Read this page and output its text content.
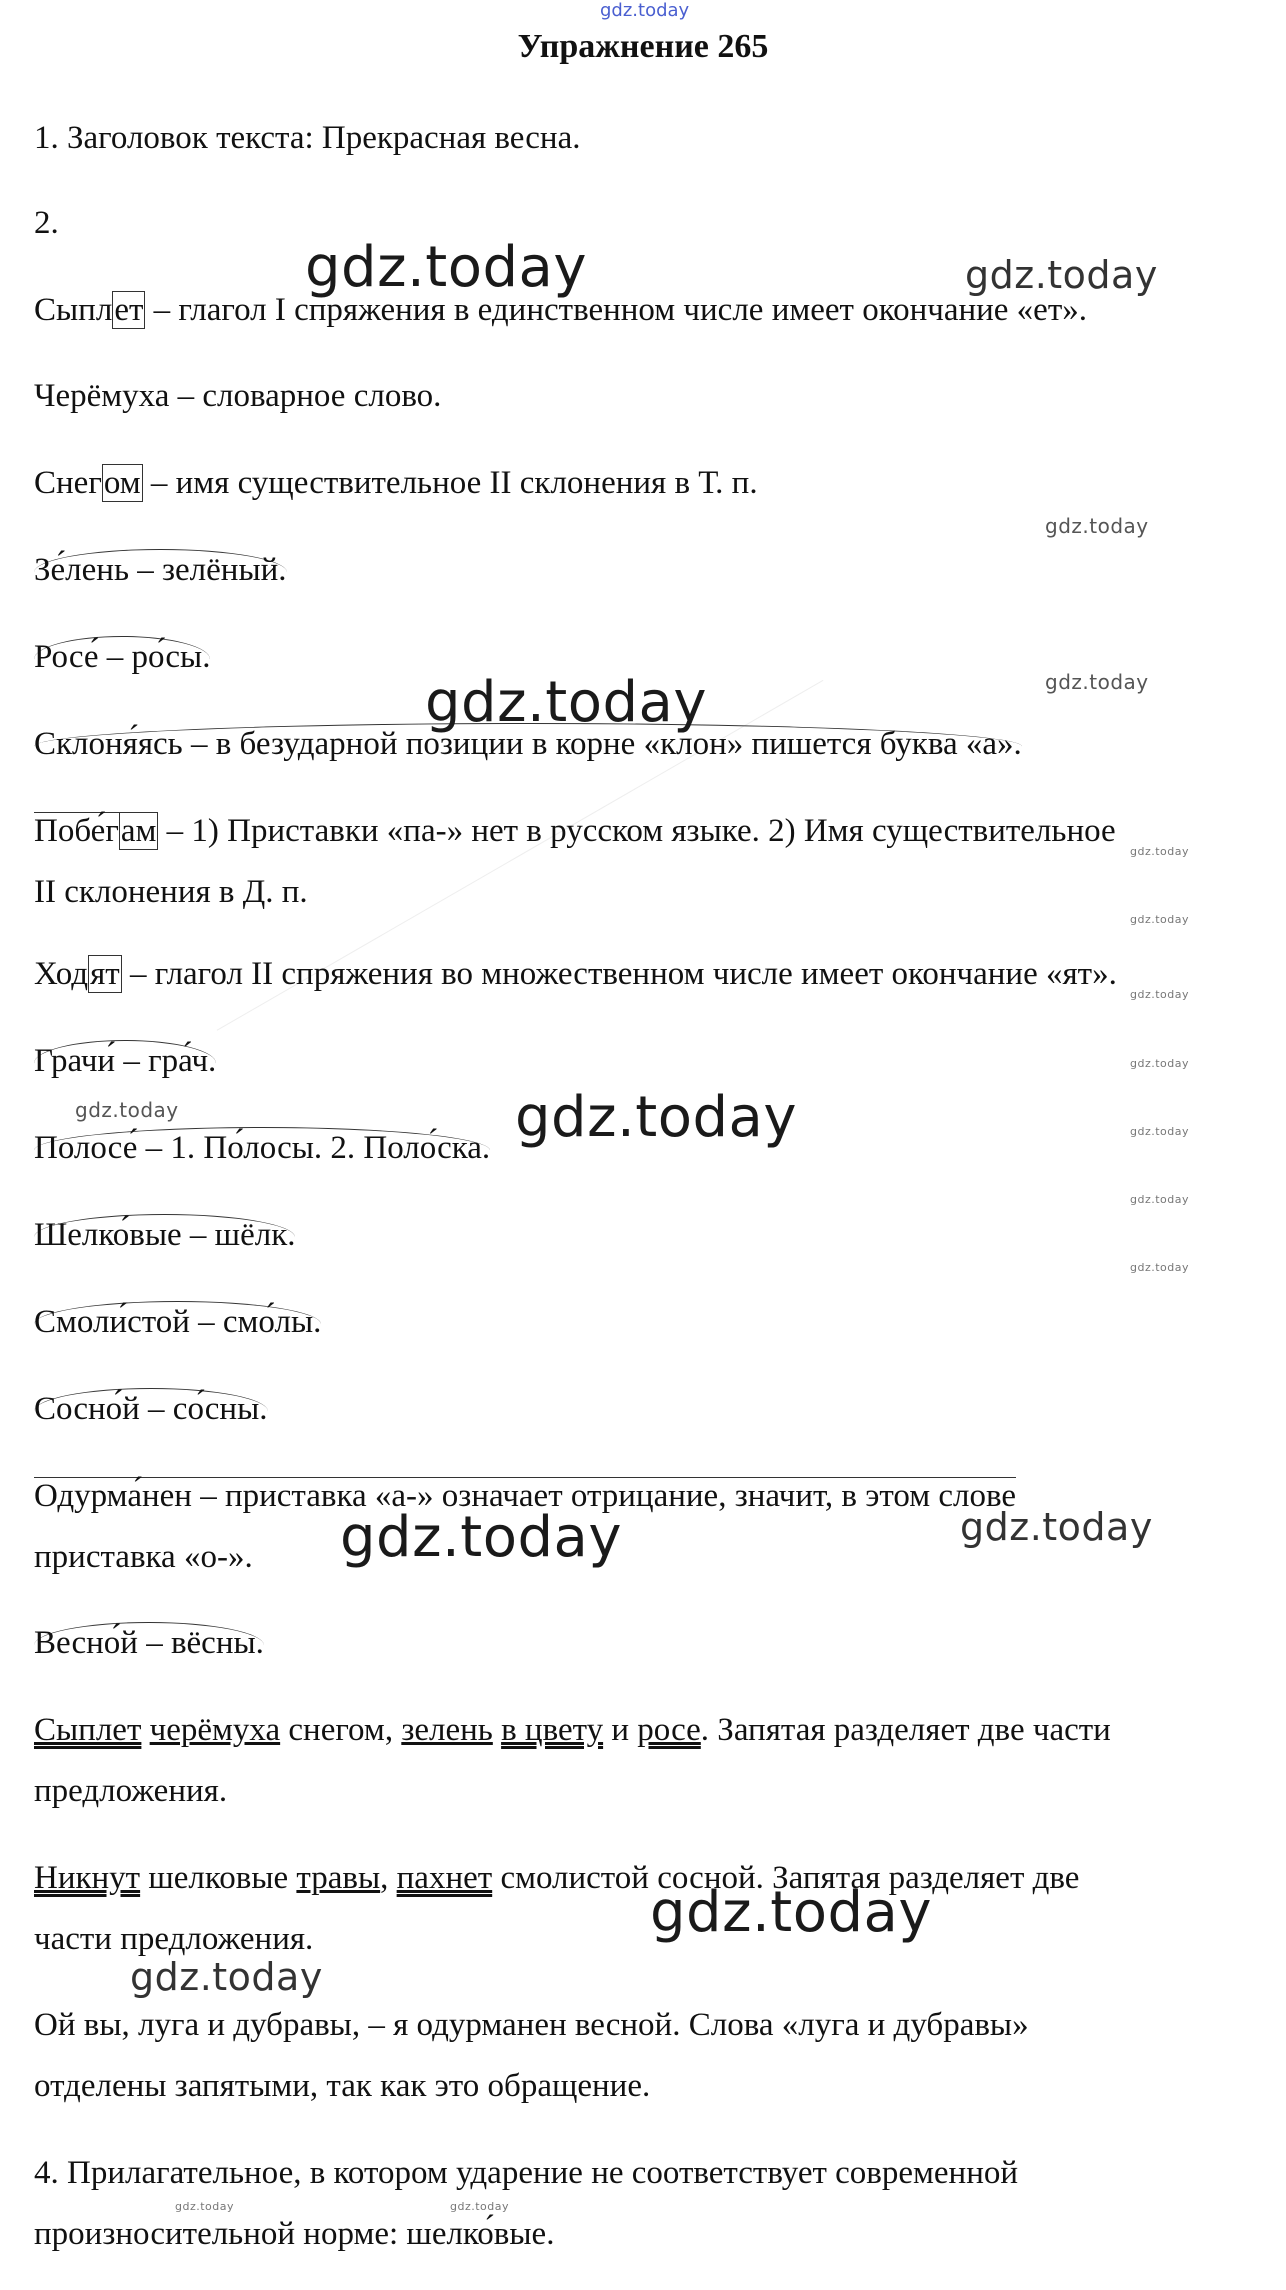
gdz.today
Упражнение 265
1. Заголовок текста: Прекрасная весна.
2.
Сыплет – глагол I спряжения в единственном числе имеет окончание «ет».
Черёмуха – словарное слово.
Снегом – имя существительное II склонения в Т. п.
Зе́лень – зелёный.
Росе́ – ро́сы.
Склоня́ясь – в безударной позиции в корне «клон» пишется буква «а».
Побе́гам – 1) Приставки «па-» нет в русском языке. 2) Имя существительное
II склонения в Д. п.
Ходят – глагол II спряжения во множественном числе имеет окончание «ят».
Грачи́ – гра́ч.
Полосе́ – 1. По́лосы. 2. Поло́ска.
Шелко́вые – шёлк.
Смоли́стой – смо́лы.
Сосно́й – со́сны.
Одурма́нен – приставка «а-» означает отрицание, значит, в этом слове
приставка «о-».
Весно́й – вёсны.
Сыплет черёмуха снегом, зелень в цвету и росе. Запятая разделяет две части
предложения.
Никнут шелковые травы, пахнет смолистой сосной. Запятая разделяет две
части предложения.
Ой вы, луга и дубравы, – я одурманен весной. Слова «луга и дубравы»
отделены запятыми, так как это обращение.
4. Прилагательное, в котором ударение не соответствует современной
произносительной норме: шелко́вые.
gdz.today	gdz.today
gdz.today
gdz.today	gdz.today
gdz.today
gdz.today
gdz.today
gdz.today
gdz.today	gdz.today	gdz.today
gdz.today
gdz.today
gdz.today	gdz.today
gdz.today
gdz.today
gdz.today	gdz.today
